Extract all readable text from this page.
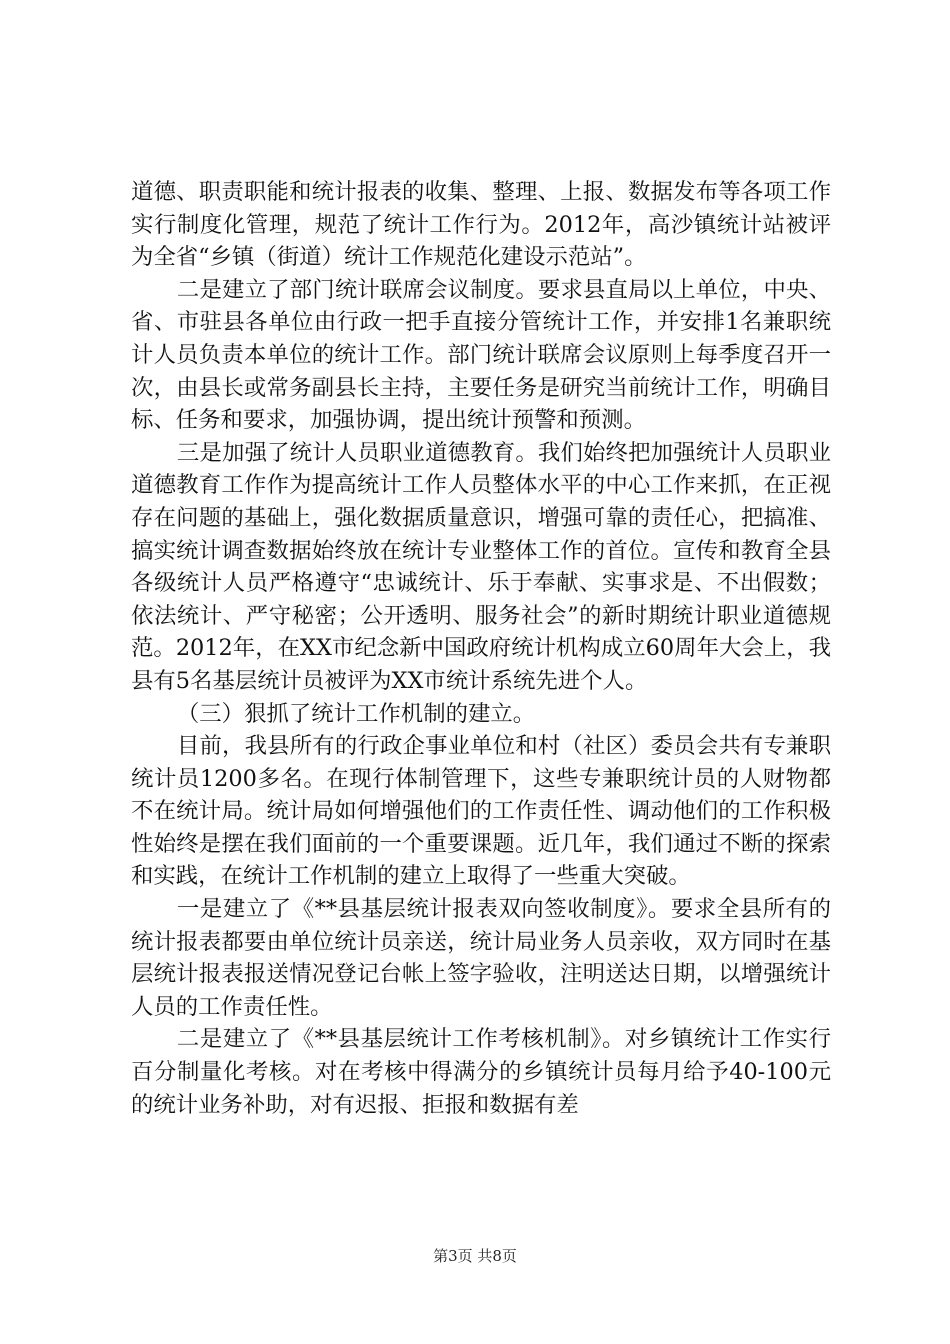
道德、职责职能和统计报表的收集、整理、上报、数据发布等各项工作实行制度化管理，规范了统计工作行为。2012年，高沙镇统计站被评为全省“乡镇（街道）统计工作规范化建设示范站”。

二是建立了部门统计联席会议制度。要求县直局以上单位，中央、省、市驻县各单位由行政一把手直接分管统计工作，并安排1名兼职统计人员负责本单位的统计工作。部门统计联席会议原则上每季度召开一次，由县长或常务副县长主持，主要任务是研究当前统计工作，明确目标、任务和要求，加强协调，提出统计预警和预测。

三是加强了统计人员职业道德教育。我们始终把加强统计人员职业道德教育工作作为提高统计工作人员整体水平的中心工作来抓，在正视存在问题的基础上，强化数据质量意识，增强可靠的责任心，把搞准、搞实统计调查数据始终放在统计专业整体工作的首位。宣传和教育全县各级统计人员严格遵守“忠诚统计、乐于奉献、实事求是、不出假数；依法统计、严守秘密；公开透明、服务社会”的新时期统计职业道德规范。2012年，在XX市纪念新中国政府统计机构成立60周年大会上，我县有5名基层统计员被评为XX市统计系统先进个人。

（三）狠抓了统计工作机制的建立。

目前，我县所有的行政企事业单位和村（社区）委员会共有专兼职统计员1200多名。在现行体制管理下，这些专兼职统计员的人财物都不在统计局。统计局如何增强他们的工作责任性、调动他们的工作积极性始终是摆在我们面前的一个重要课题。近几年，我们通过不断的探索和实践，在统计工作机制的建立上取得了一些重大突破。

一是建立了《**县基层统计报表双向签收制度》。要求全县所有的统计报表都要由单位统计员亲送，统计局业务人员亲收，双方同时在基层统计报表报送情况登记台帐上签字验收，注明送达日期，以增强统计人员的工作责任性。

二是建立了《**县基层统计工作考核机制》。对乡镇统计工作实行百分制量化考核。对在考核中得满分的乡镇统计员每月给予40-100元的统计业务补助，对有迟报、拒报和数据有差

第3页 共8页
